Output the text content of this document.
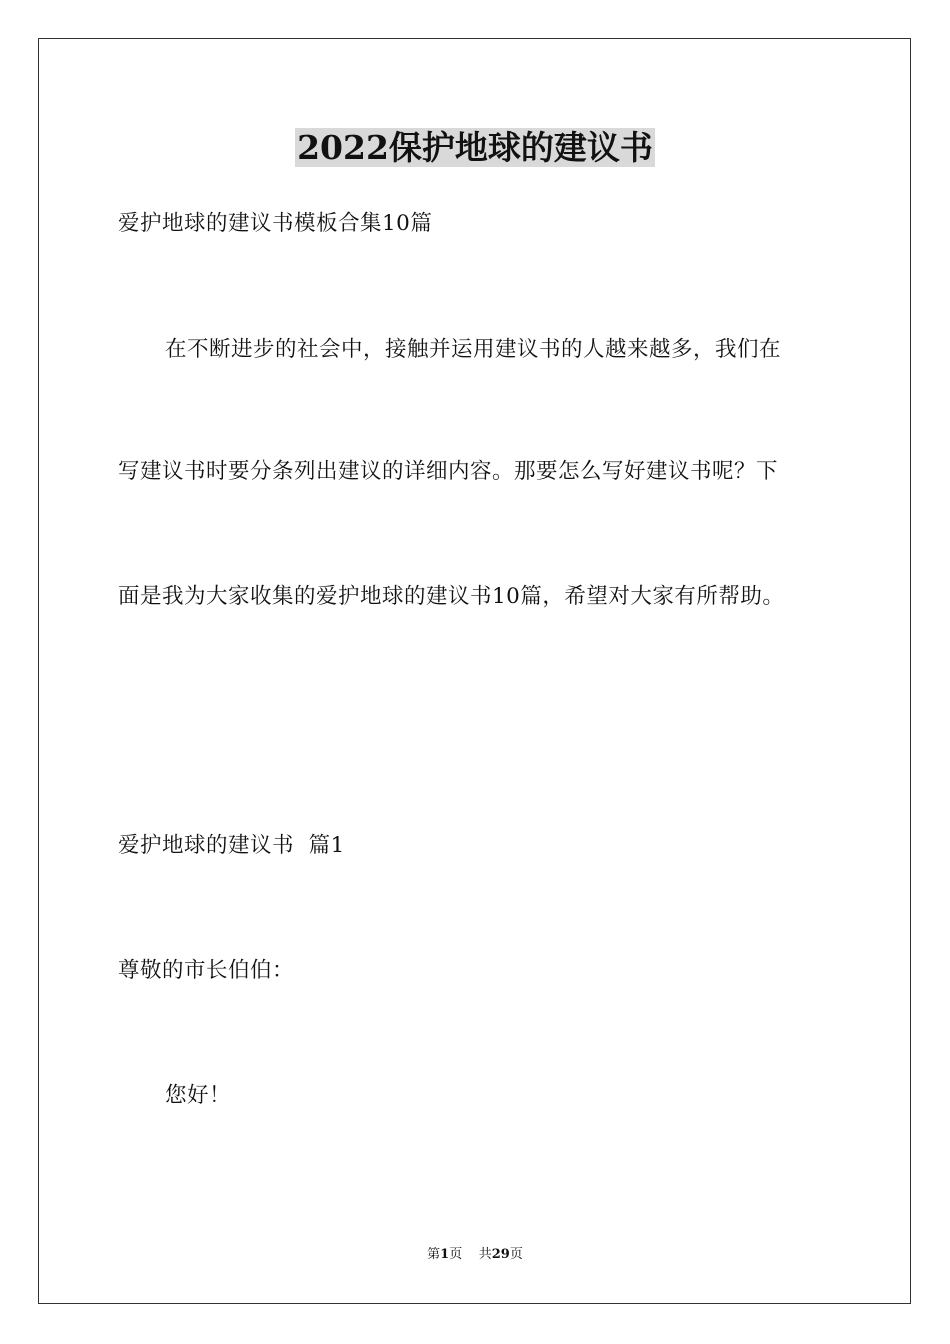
2022保护地球的建议书
爱护地球的建议书模板合集10篇
在不断进步的社会中，接触并运用建议书的人越来越多，我们在
写建议书时要分条列出建议的详细内容。那要怎么写好建议书呢？下
面是我为大家收集的爱护地球的建议书10篇，希望对大家有所帮助。
爱护地球的建议书  篇1
尊敬的市长伯伯：
您好！
第1页    共29页
